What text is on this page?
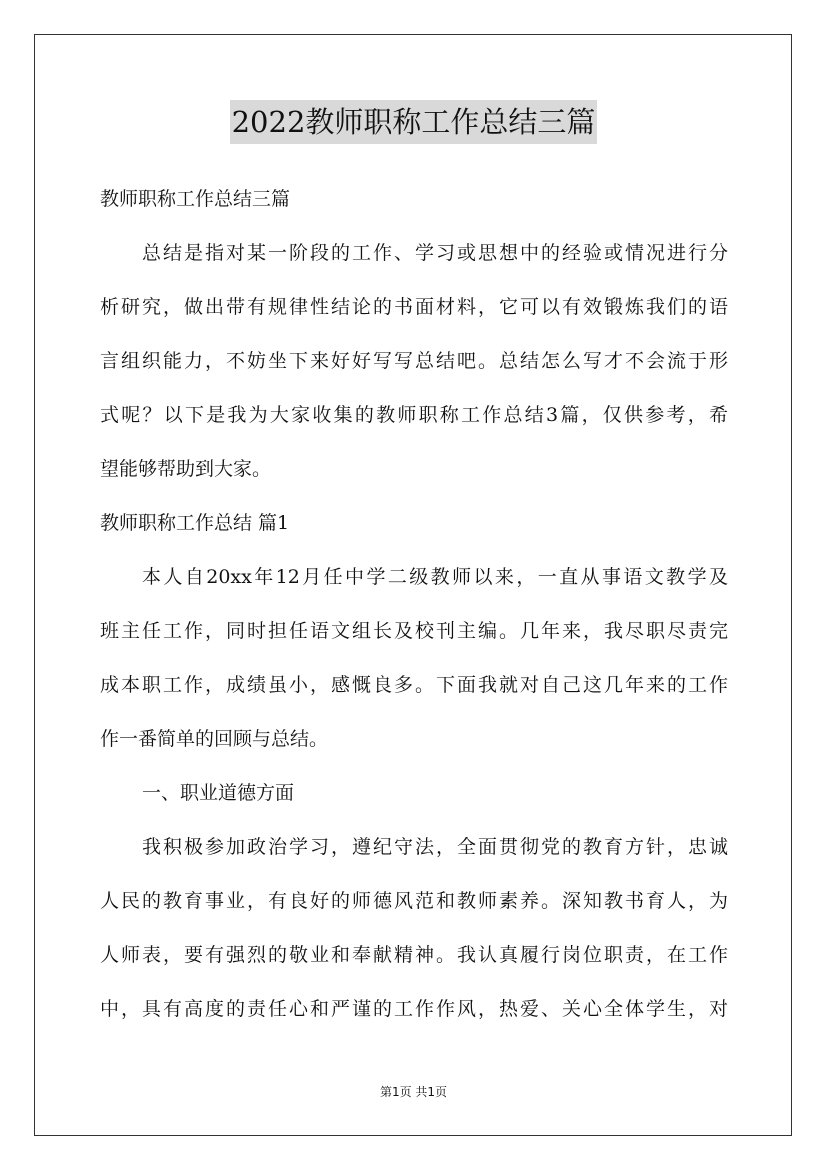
2022教师职称工作总结三篇
教师职称工作总结三篇
总结是指对某一阶段的工作、学习或思想中的经验或情况进行分
析研究，做出带有规律性结论的书面材料，它可以有效锻炼我们的语
言组织能力，不妨坐下来好好写写总结吧。总结怎么写才不会流于形
式呢？以下是我为大家收集的教师职称工作总结3篇，仅供参考，希
望能够帮助到大家。
教师职称工作总结 篇1
本人自20xx年12月任中学二级教师以来，一直从事语文教学及
班主任工作，同时担任语文组长及校刊主编。几年来，我尽职尽责完
成本职工作，成绩虽小，感慨良多。下面我就对自己这几年来的工作
作一番简单的回顾与总结。
一、职业道德方面
我积极参加政治学习，遵纪守法，全面贯彻党的教育方针，忠诚
人民的教育事业，有良好的师德风范和教师素养。深知教书育人，为
人师表，要有强烈的敬业和奉献精神。我认真履行岗位职责，在工作
中，具有高度的责任心和严谨的工作作风，热爱、关心全体学生，对
第1页 共1页
